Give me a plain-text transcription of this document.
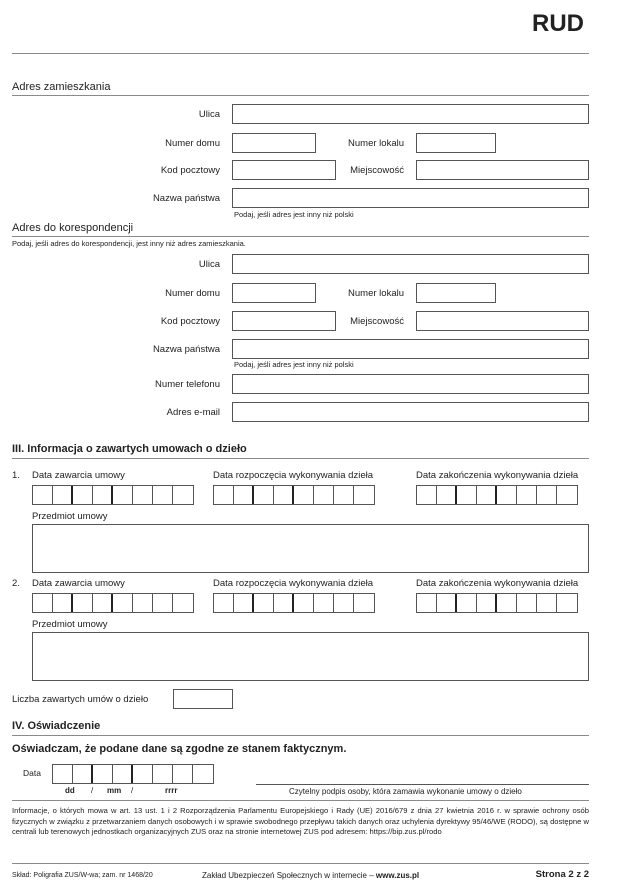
RUD
Adres zamieszkania
Ulica
Numer domu	Numer lokalu
Kod pocztowy	Miejscowość
Nazwa państwa
Podaj, jeśli adres jest inny niż polski
Adres do korespondencji
Podaj, jeśli adres do korespondencji, jest inny niż adres zamieszkania.
Ulica
Numer domu	Numer lokalu
Kod pocztowy	Miejscowość
Nazwa państwa
Podaj, jeśli adres jest inny niż polski
Numer telefonu
Adres e-mail
III. Informacja o zawartych umowach o dzieło
1. Data zawarcia umowy	Data rozpoczęcia wykonywania dzieła	Data zakończenia wykonywania dzieła
Przedmiot umowy
2. Data zawarcia umowy	Data rozpoczęcia wykonywania dzieła	Data zakończenia wykonywania dzieła
Przedmiot umowy
Liczba zawartych umów o dzieło
IV. Oświadczenie
Oświadczam, że podane dane są zgodne ze stanem faktycznym.
Data
dd / mm /	rrrr	Czytelny podpis osoby, która zamawia wykonanie umowy o dzieło
Informacje, o których mowa w art. 13 ust. 1 i 2 Rozporządzenia Parlamentu Europejskiego i Rady (UE) 2016/679 z dnia 27 kwietnia 2016 r. w sprawie ochrony osób fizycznych w związku z przetwarzaniem danych osobowych i w sprawie swobodnego przepływu takich danych oraz uchylenia dyrektywy 95/46/WE (RODO), są dostępne w centrali lub terenowych jednostkach organizacyjnych ZUS oraz na stronie internetowej ZUS pod adresem: https://bip.zus.pl/rodo
Skład: Poligrafia ZUS/W-wa; zam. nr 1468/20	Zakład Ubezpieczeń Społecznych w internecie – www.zus.pl	Strona 2 z 2
